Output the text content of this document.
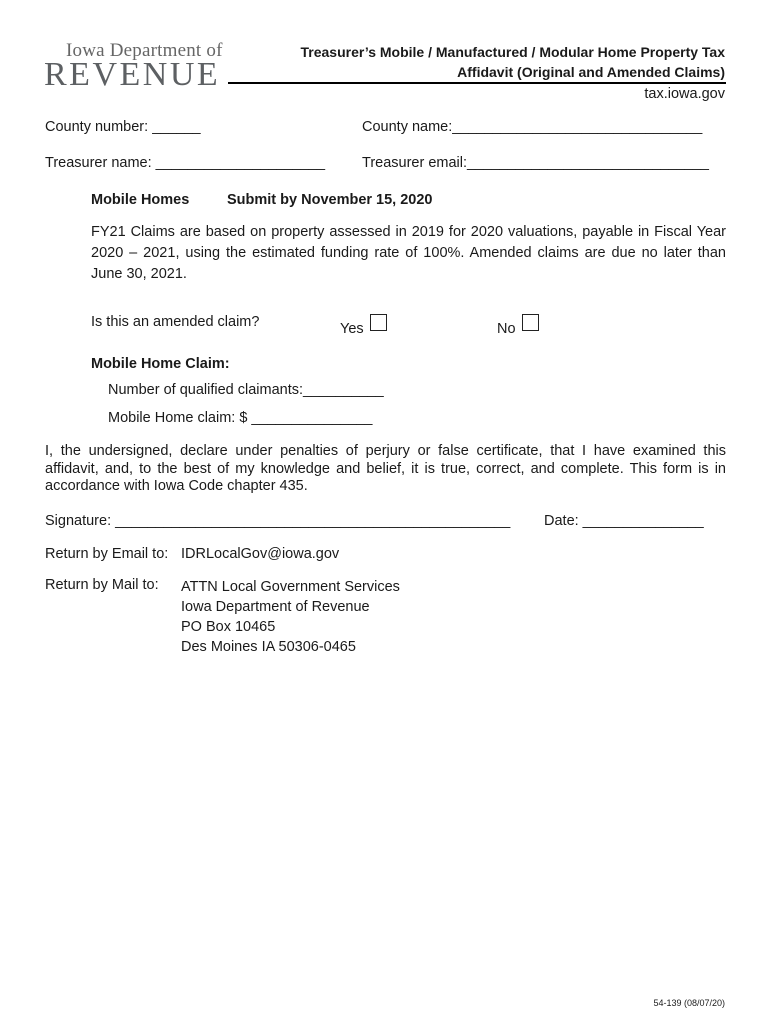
Iowa Department of
REVENUE
Treasurer’s Mobile / Manufactured / Modular Home Property Tax
Affidavit (Original and Amended Claims)
tax.iowa.gov
County number: ______	County name:_______________________________
Treasurer name: _____________________	Treasurer email:______________________________
Mobile Homes	Submit by November 15, 2020
FY21 Claims are based on property assessed in 2019 for 2020 valuations, payable in Fiscal Year 2020 – 2021, using the estimated funding rate of 100%. Amended claims are due no later than June 30, 2021.
Is this an amended claim?	Yes	No
Mobile Home Claim:
Number of qualified claimants:__________
Mobile Home claim: $ _______________
I, the undersigned, declare under penalties of perjury or false certificate, that I have examined this affidavit, and, to the best of my knowledge and belief, it is true, correct, and complete. This form is in accordance with Iowa Code chapter 435.
Signature: _________________________________________________ Date: _______________
Return by Email to: IDRLocalGov@iowa.gov
Return by Mail to: ATTN Local Government Services
Iowa Department of Revenue
PO Box 10465
Des Moines IA 50306-0465
54-139 (08/07/20)
